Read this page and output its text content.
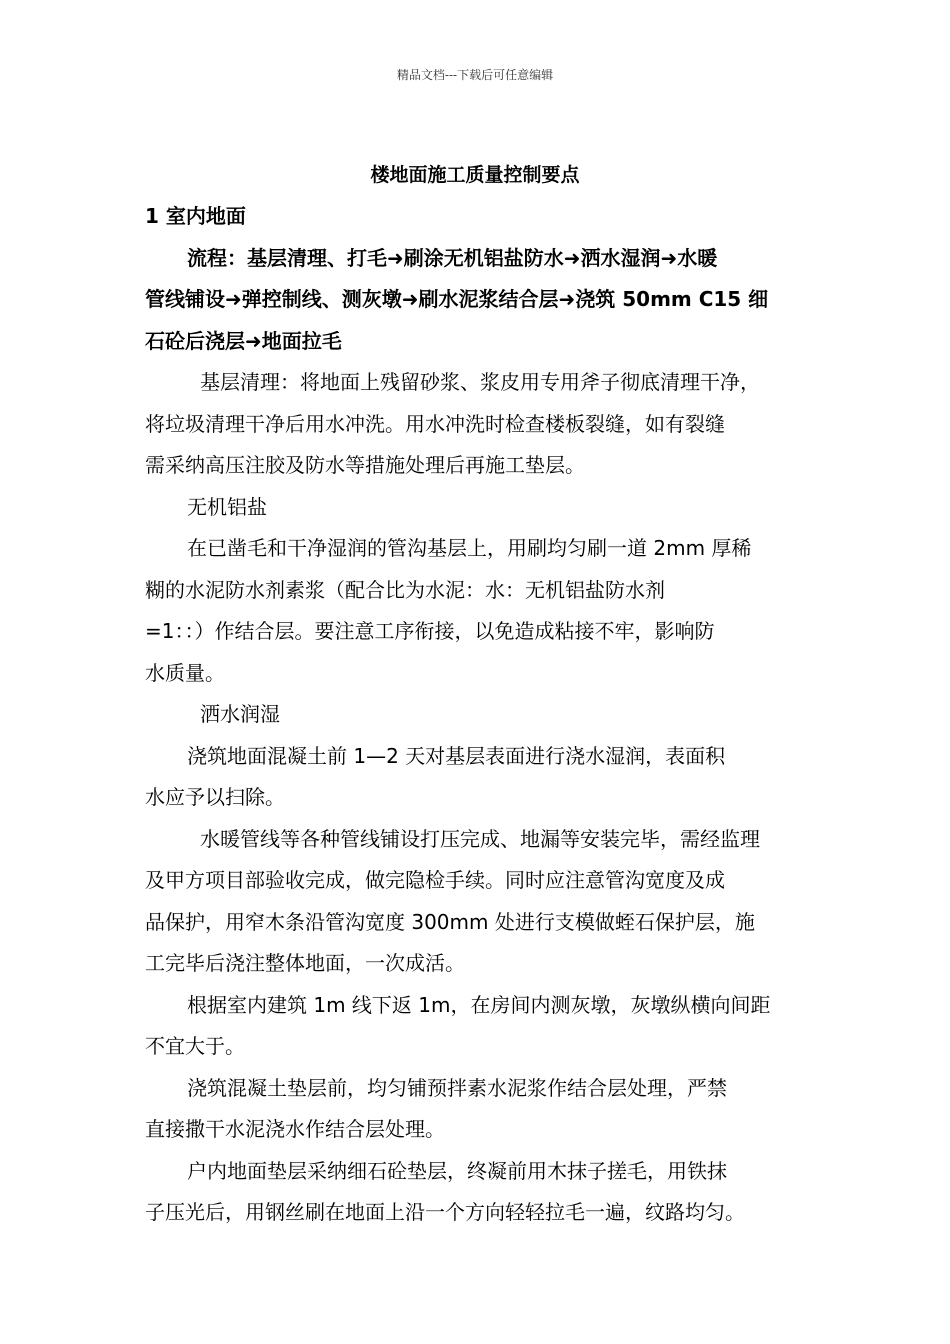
精品文档---下载后可任意编辑
楼地面施工质量控制要点
1 室内地面
流程：基层清理、打毛➜刷涂无机铝盐防水➜洒水湿润➜水暖
管线铺设➜弹控制线、测灰墩➜刷水泥浆结合层➜浇筑 50mm C15 细
石砼后浇层➜地面拉毛
基层清理：将地面上残留砂浆、浆皮用专用斧子彻底清理干净，
将垃圾清理干净后用水冲洗。用水冲洗时检查楼板裂缝，如有裂缝
需采纳高压注胶及防水等措施处理后再施工垫层。
无机铝盐
在已凿毛和干净湿润的管沟基层上，用刷均匀刷一道 2mm 厚稀
糊的水泥防水剂素浆（配合比为水泥：水：无机铝盐防水剂
=1：：）作结合层。要注意工序衔接，以免造成粘接不牢，影响防
水质量。
洒水润湿
浇筑地面混凝土前 1—2 天对基层表面进行浇水湿润，表面积
水应予以扫除。
水暖管线等各种管线铺设打压完成、地漏等安装完毕，需经监理
及甲方项目部验收完成，做完隐检手续。同时应注意管沟宽度及成
品保护，用窄木条沿管沟宽度 300mm 处进行支模做蛭石保护层，施
工完毕后浇注整体地面，一次成活。
根据室内建筑 1m 线下返 1m，在房间内测灰墩，灰墩纵横向间距
不宜大于。
浇筑混凝土垫层前，均匀铺预拌素水泥浆作结合层处理，严禁
直接撒干水泥浇水作结合层处理。
户内地面垫层采纳细石砼垫层，终凝前用木抹子搓毛，用铁抹
子压光后，用钢丝刷在地面上沿一个方向轻轻拉毛一遍，纹路均匀。
